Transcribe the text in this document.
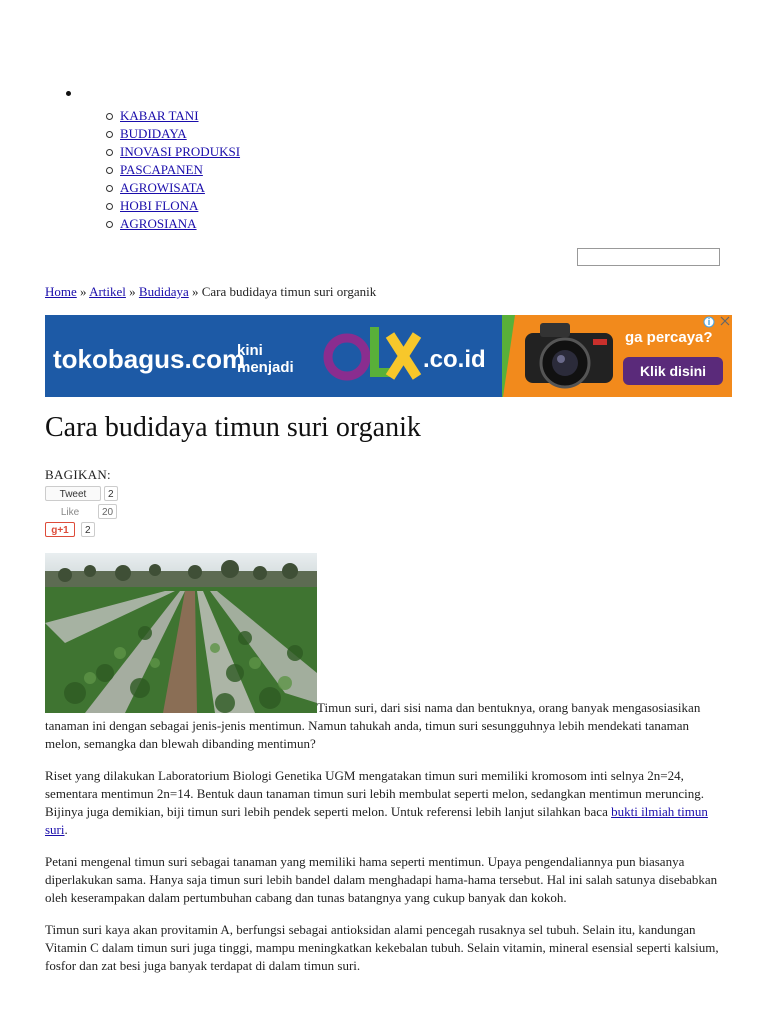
KABAR TANI
BUDIDAYA
INOVASI PRODUKSI
PASCAPANEN
AGROWISATA
HOBI FLONA
AGROSIANA
Home » Artikel » Budidaya » Cara budidaya timun suri organik
tokobagus.com
kini
menjadi	.co.id
ga percaya?
Klik disini
Cara budidaya timun suri organik
BAGIKAN:
Tweet 2
Like 20
g+1 2

Timun suri, dari sisi nama dan bentuknya, orang banyak mengasosiasikan tanaman ini dengan sebagai jenis-jenis mentimun. Namun tahukah anda, timun suri sesungguhnya lebih mendekati tanaman melon, semangka dan blewah dibanding mentimun?

Riset yang dilakukan Laboratorium Biologi Genetika UGM mengatakan timun suri memiliki kromosom inti selnya 2n=24, sementara mentimun 2n=14. Bentuk daun tanaman timun suri lebih membulat seperti melon, sedangkan mentimun meruncing. Bijinya juga demikian, biji timun suri lebih pendek seperti melon. Untuk referensi lebih lanjut silahkan baca bukti ilmiah timun suri.

Petani mengenal timun suri sebagai tanaman yang memiliki hama seperti mentimun. Upaya pengendaliannya pun biasanya diperlakukan sama. Hanya saja timun suri lebih bandel dalam menghadapi hama-hama tersebut. Hal ini salah satunya disebabkan oleh keserampakan dalam pertumbuhan cabang dan tunas batangnya yang cukup banyak dan kokoh.

Timun suri kaya akan provitamin A, berfungsi sebagai antioksidan alami pencegah rusaknya sel tubuh. Selain itu, kandungan Vitamin C dalam timun suri juga tinggi, mampu meningkatkan kekebalan tubuh. Selain vitamin, mineral esensial seperti kalsium, fosfor dan zat besi juga banyak terdapat di dalam timun suri.
